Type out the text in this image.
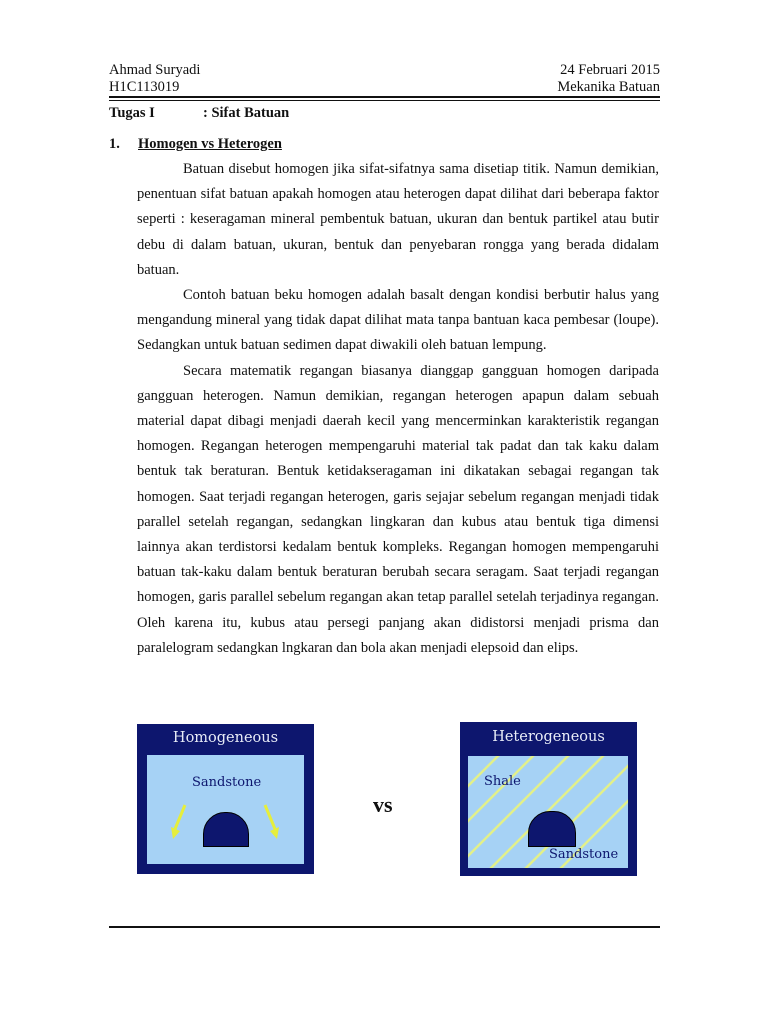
Ahmad Suryadi	24 Februari 2015
H1C113019	Mekanika Batuan
Tugas I	: Sifat Batuan
1. Homogen vs Heterogen

Batuan disebut homogen jika sifat-sifatnya sama disetiap titik. Namun demikian, penentuan sifat batuan apakah homogen atau heterogen dapat dilihat dari beberapa faktor seperti : keseragaman mineral pembentuk batuan, ukuran dan bentuk partikel atau butir debu di dalam batuan, ukuran, bentuk dan penyebaran rongga yang berada didalam batuan.

Contoh batuan beku homogen adalah basalt dengan kondisi berbutir halus yang mengandung mineral yang tidak dapat dilihat mata tanpa bantuan kaca pembesar (loupe). Sedangkan untuk batuan sedimen dapat diwakili oleh batuan lempung.

Secara matematik regangan biasanya dianggap gangguan homogen daripada gangguan heterogen. Namun demikian, regangan heterogen apapun dalam sebuah material dapat dibagi menjadi daerah kecil yang mencerminkan karakteristik regangan homogen. Regangan heterogen mempengaruhi material tak padat dan tak kaku dalam bentuk tak beraturan. Bentuk ketidakseragaman ini dikatakan sebagai regangan tak homogen. Saat terjadi regangan heterogen, garis sejajar sebelum regangan menjadi tidak parallel setelah regangan, sedangkan lingkaran dan kubus atau bentuk tiga dimensi lainnya akan terdistorsi kedalam bentuk kompleks. Regangan homogen mempengaruhi batuan tak-kaku dalam bentuk beraturan berubah secara seragam. Saat terjadi regangan homogen, garis parallel sebelum regangan akan tetap parallel setelah terjadinya regangan. Oleh karena itu, kubus atau persegi panjang akan didistorsi menjadi prisma dan paralelogram sedangkan lngkaran dan bola akan menjadi elepsoid dan elips.

Homogeneous
Sandstone
vs
Heterogeneous
Shale
Sandstone
